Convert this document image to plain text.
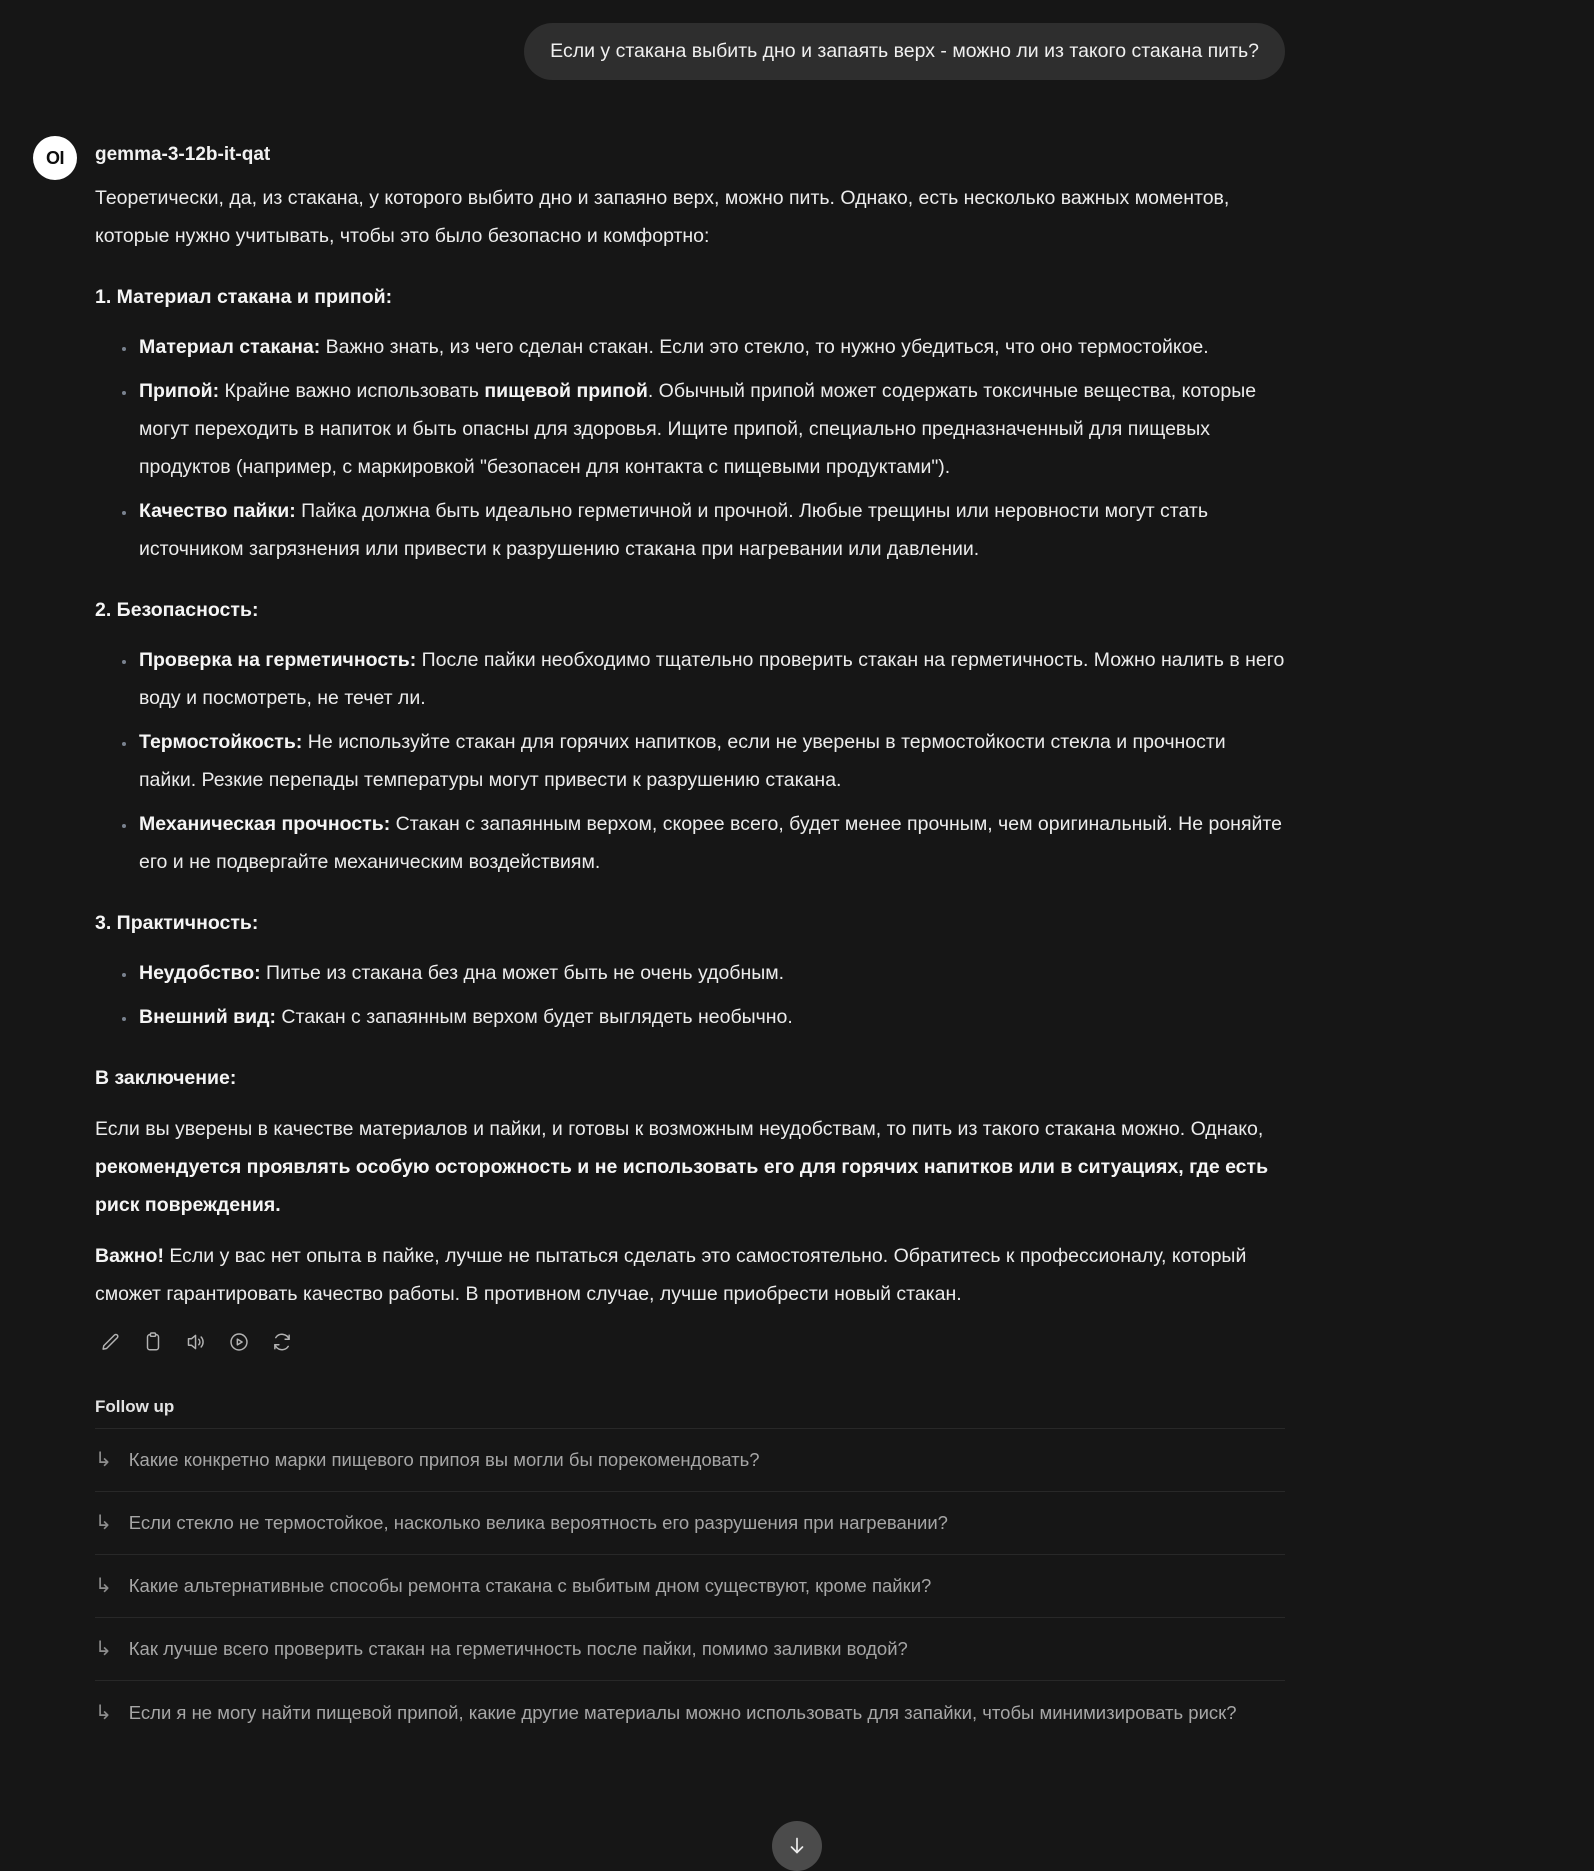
Если у стакана выбить дно и запаять верх - можно ли из такого стакана пить?
OI gemma-3-12b-it-qat

Теоретически, да, из стакана, у которого выбито дно и запаяно верх, можно пить. Однако, есть несколько важных моментов, которые нужно учитывать, чтобы это было безопасно и комфортно:

1. Материал стакана и припой:

• Материал стакана: Важно знать, из чего сделан стакан. Если это стекло, то нужно убедиться, что оно термостойкое.
• Припой: Крайне важно использовать пищевой припой. Обычный припой может содержать токсичные вещества, которые могут переходить в напиток и быть опасны для здоровья. Ищите припой, специально предназначенный для пищевых продуктов (например, с маркировкой "безопасен для контакта с пищевыми продуктами").
• Качество пайки: Пайка должна быть идеально герметичной и прочной. Любые трещины или неровности могут стать источником загрязнения или привести к разрушению стакана при нагревании или давлении.

2. Безопасность:

• Проверка на герметичность: После пайки необходимо тщательно проверить стакан на герметичность. Можно налить в него воду и посмотреть, не течет ли.
• Термостойкость: Не используйте стакан для горячих напитков, если не уверены в термостойкости стекла и прочности пайки. Резкие перепады температуры могут привести к разрушению стакана.
• Механическая прочность: Стакан с запаянным верхом, скорее всего, будет менее прочным, чем оригинальный. Не роняйте его и не подвергайте механическим воздействиям.

3. Практичность:

• Неудобство: Питье из стакана без дна может быть не очень удобным.
• Внешний вид: Стакан с запаянным верхом будет выглядеть необычно.

В заключение:

Если вы уверены в качестве материалов и пайки, и готовы к возможным неудобствам, то пить из такого стакана можно. Однако, рекомендуется проявлять особую осторожность и не использовать его для горячих напитков или в ситуациях, где есть риск повреждения.

Важно! Если у вас нет опыта в пайке, лучше не пытаться сделать это самостоятельно. Обратитесь к профессионалу, который сможет гарантировать качество работы. В противном случае, лучше приобрести новый стакан.

Follow up
↳ Какие конкретно марки пищевого припоя вы могли бы порекомендовать?
↳ Если стекло не термостойкое, насколько велика вероятность его разрушения при нагревании?
↳ Какие альтернативные способы ремонта стакана с выбитым дном существуют, кроме пайки?
↳ Как лучше всего проверить стакан на герметичность после пайки, помимо заливки водой?
↳ Если я не могу найти пищевой припой, какие другие материалы можно использовать для запайки, чтобы минимизировать риск?
